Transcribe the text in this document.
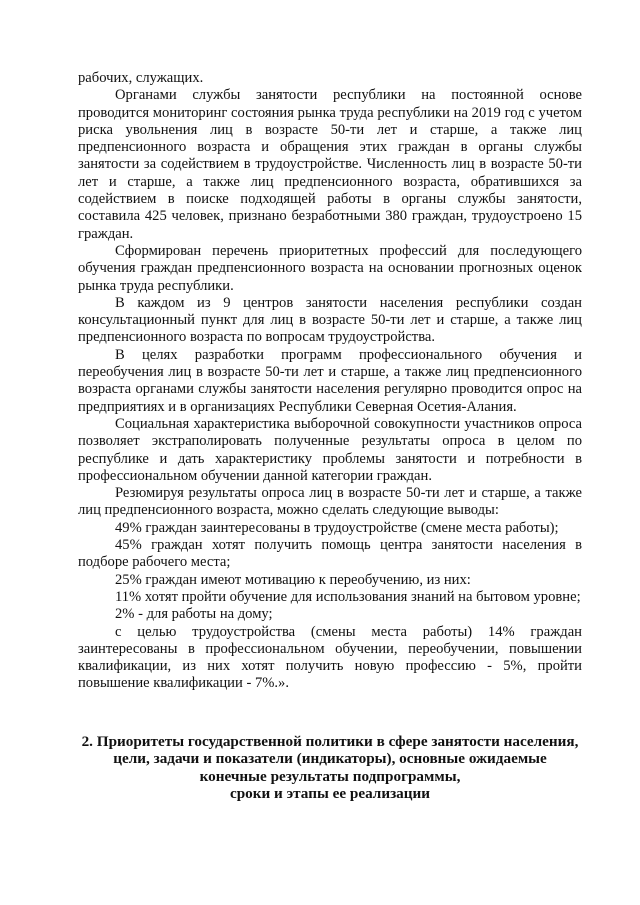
рабочих, служащих.

Органами службы занятости республики на постоянной основе проводится мониторинг состояния рынка труда республики на 2019 год с учетом риска увольнения лиц в возрасте 50-ти лет и старше, а также лиц предпенсионного возраста и обращения этих граждан в органы службы занятости за содействием в трудоустройстве. Численность лиц в возрасте 50-ти лет и старше, а также лиц предпенсионного возраста, обратившихся за содействием в поиске подходящей работы в органы службы занятости, составила 425 человек, признано безработными 380 граждан, трудоустроено 15 граждан.

Сформирован перечень приоритетных профессий для последующего обучения граждан предпенсионного возраста на основании прогнозных оценок рынка труда республики.

В каждом из 9 центров занятости населения республики создан консультационный пункт для лиц в возрасте 50-ти лет и старше, а также лиц предпенсионного возраста по вопросам трудоустройства.

В целях разработки программ профессионального обучения и переобучения лиц в возрасте 50-ти лет и старше, а также лиц предпенсионного возраста органами службы занятости населения регулярно проводится опрос на предприятиях и в организациях Республики Северная Осетия-Алания.

Социальная характеристика выборочной совокупности участников опроса позволяет экстраполировать полученные результаты опроса в целом по республике и дать характеристику проблемы занятости и потребности в профессиональном обучении данной категории граждан.

Резюмируя результаты опроса лиц в возрасте 50-ти лет и старше, а также лиц предпенсионного возраста, можно сделать следующие выводы:

49% граждан заинтересованы в трудоустройстве (смене места работы);

45% граждан хотят получить помощь центра занятости населения в подборе рабочего места;

25% граждан имеют мотивацию к переобучению, из них:

11% хотят пройти обучение для использования знаний на бытовом уровне;

2% - для работы на дому;

с целью трудоустройства (смены места работы) 14% граждан заинтересованы в профессиональном обучении, переобучении, повышении квалификации, из них хотят получить новую профессию - 5%, пройти повышение квалификации - 7%.».

2. Приоритеты государственной политики в сфере занятости населения,
цели, задачи и показатели (индикаторы), основные ожидаемые
конечные результаты подпрограммы,
сроки и этапы ее реализации
